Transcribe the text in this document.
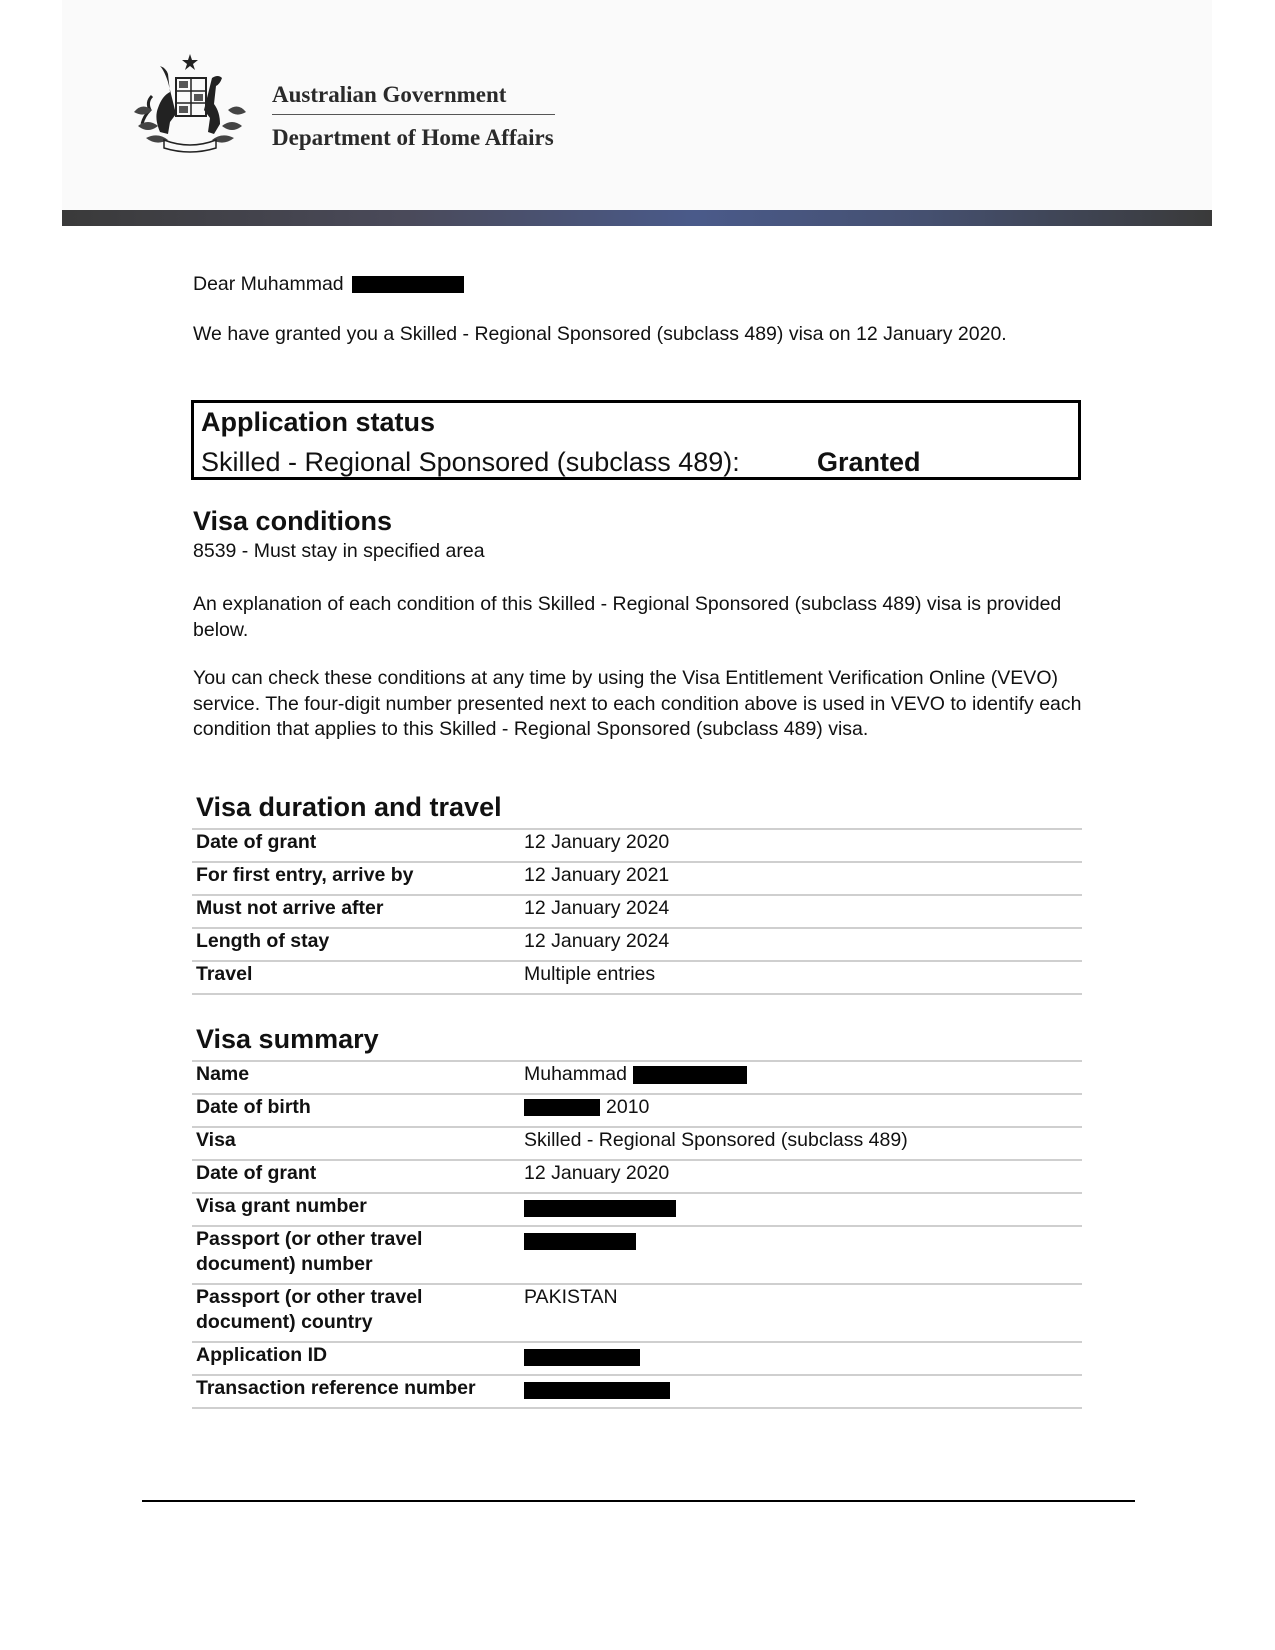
Australian Government
Department of Home Affairs
Dear Muhammad
We have granted you a Skilled - Regional Sponsored (subclass 489) visa on 12 January 2020.
Application status
Skilled - Regional Sponsored (subclass 489):	Granted
Visa conditions
8539 - Must stay in specified area
An explanation of each condition of this Skilled - Regional Sponsored (subclass 489) visa is provided below.
You can check these conditions at any time by using the Visa Entitlement Verification Online (VEVO) service. The four-digit number presented next to each condition above is used in VEVO to identify each condition that applies to this Skilled - Regional Sponsored (subclass 489) visa.
Visa duration and travel
Date of grant	12 January 2020
For first entry, arrive by	12 January 2021
Must not arrive after	12 January 2024
Length of stay	12 January 2024
Travel	Multiple entries
Visa summary
Name	Muhammad
Date of birth	2010
Visa	Skilled - Regional Sponsored (subclass 489)
Date of grant	12 January 2020
Visa grant number	
Passport (or other travel document) number	
Passport (or other travel document) country	PAKISTAN
Application ID	
Transaction reference number	
